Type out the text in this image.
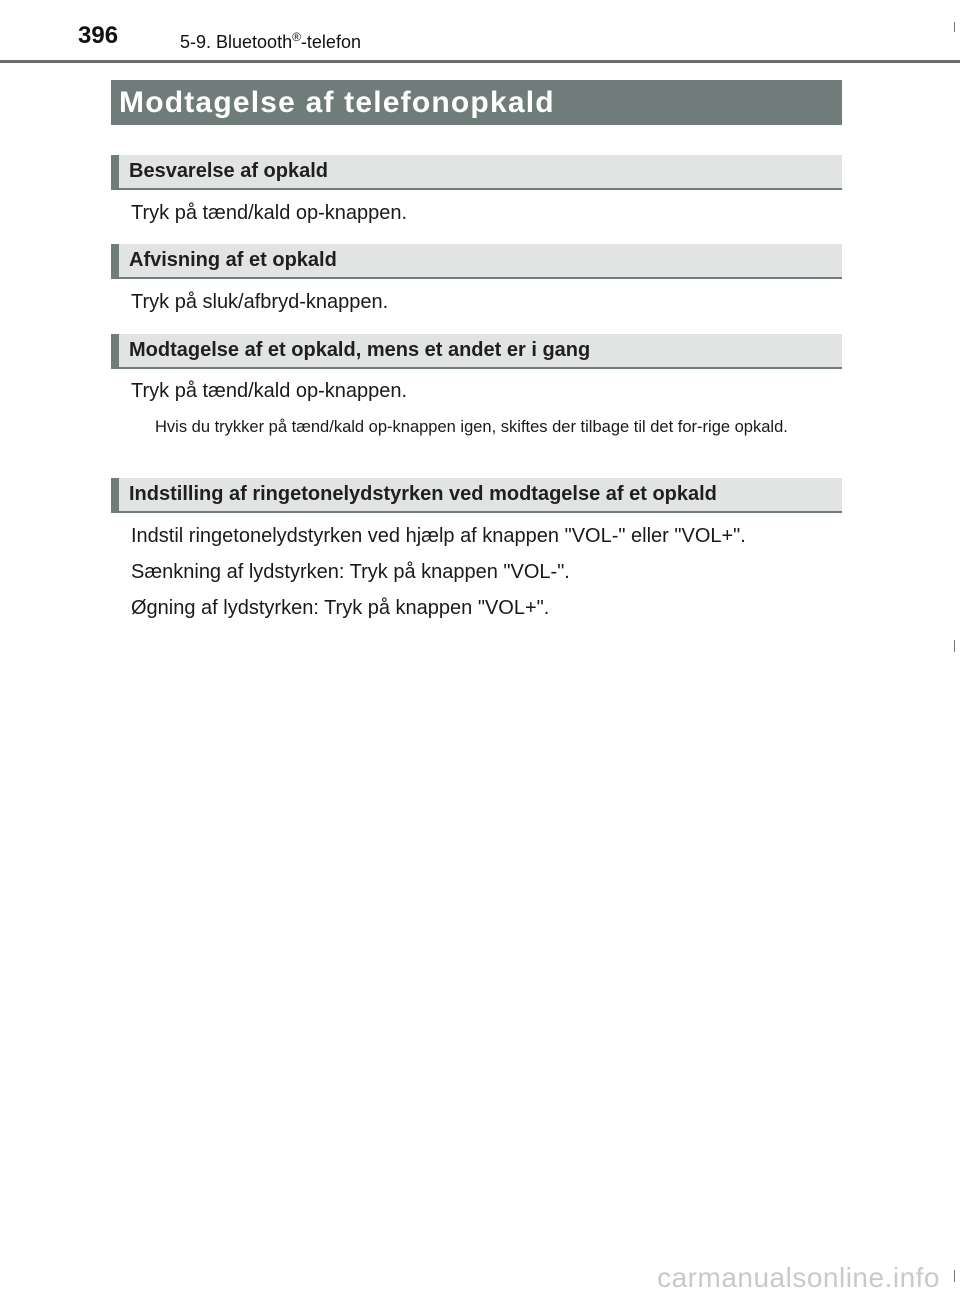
396	5-9. Bluetooth®-telefon
Modtagelse af telefonopkald
Besvarelse af opkald
Tryk på tænd/kald op-knappen.
Afvisning af et opkald
Tryk på sluk/afbryd-knappen.
Modtagelse af et opkald, mens et andet er i gang
Tryk på tænd/kald op-knappen.
Hvis du trykker på tænd/kald op-knappen igen, skiftes der tilbage til det for-rige opkald.
Indstilling af ringetonelydstyrken ved modtagelse af et opkald
Indstil ringetonelydstyrken ved hjælp af knappen "VOL-" eller "VOL+".
Sænkning af lydstyrken: Tryk på knappen "VOL-".
Øgning af lydstyrken: Tryk på knappen "VOL+".
carmanualsonline.info
